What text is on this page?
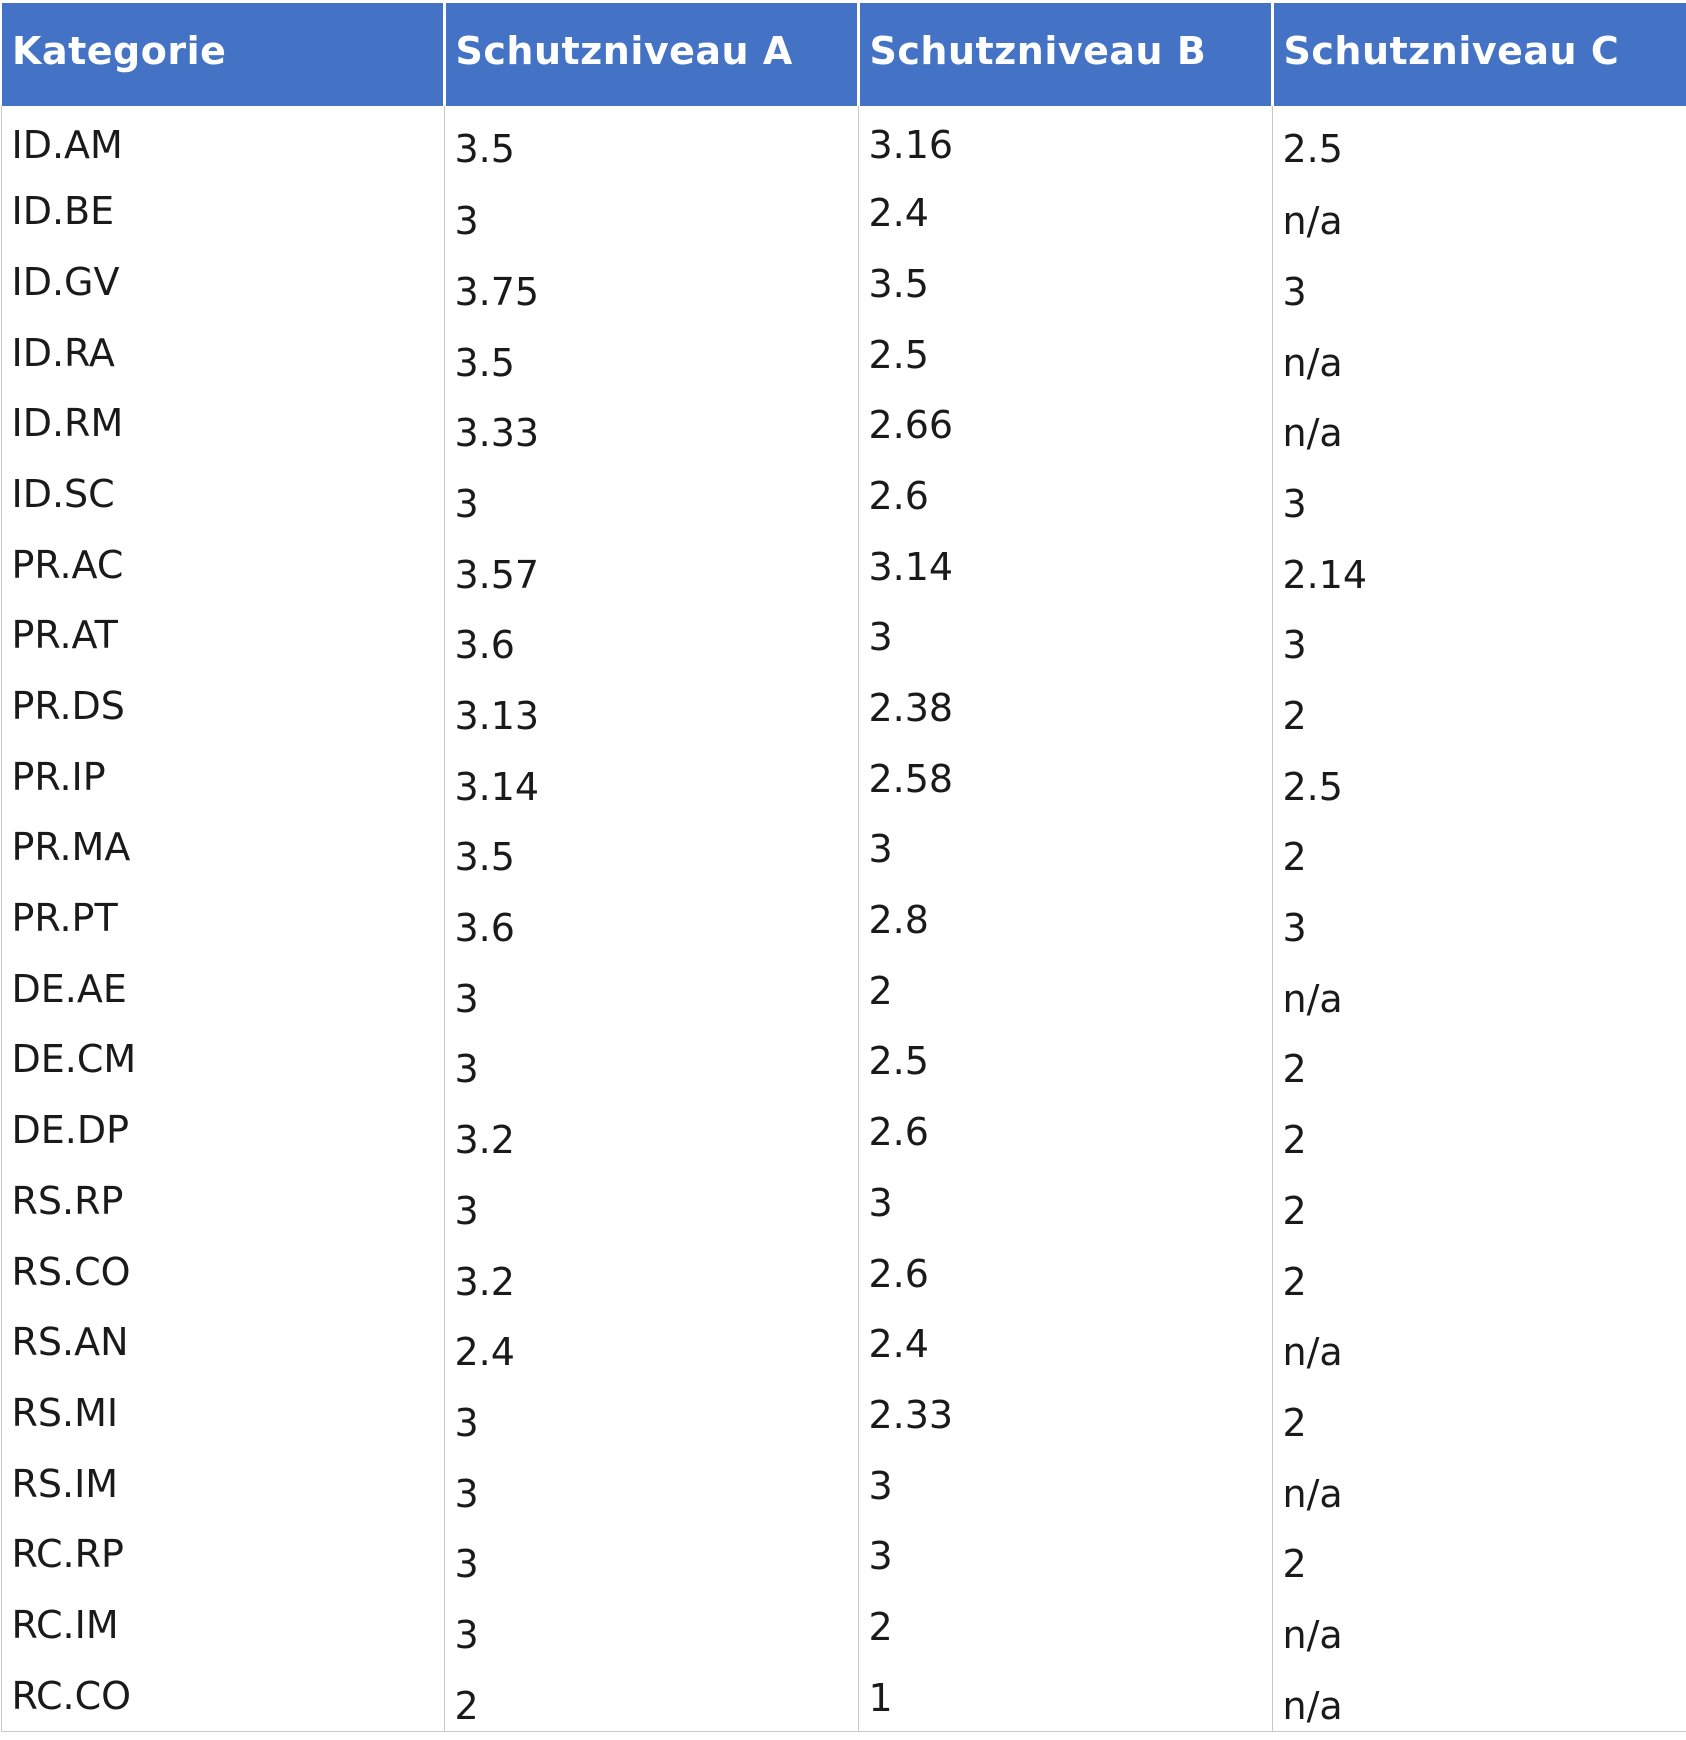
Kategorie	Schutzniveau A	Schutzniveau B	Schutzniveau C
ID.AM	3.5	3.16	2.5
ID.BE	3	2.4	n/a
ID.GV	3.75	3.5	3
ID.RA	3.5	2.5	n/a
ID.RM	3.33	2.66	n/a
ID.SC	3	2.6	3
PR.AC	3.57	3.14	2.14
PR.AT	3.6	3	3
PR.DS	3.13	2.38	2
PR.IP	3.14	2.58	2.5
PR.MA	3.5	3	2
PR.PT	3.6	2.8	3
DE.AE	3	2	n/a
DE.CM	3	2.5	2
DE.DP	3.2	2.6	2
RS.RP	3	3	2
RS.CO	3.2	2.6	2
RS.AN	2.4	2.4	n/a
RS.MI	3	2.33	2
RS.IM	3	3	n/a
RC.RP	3	3	2
RC.IM	3	2	n/a
RC.CO	2	1	n/a
